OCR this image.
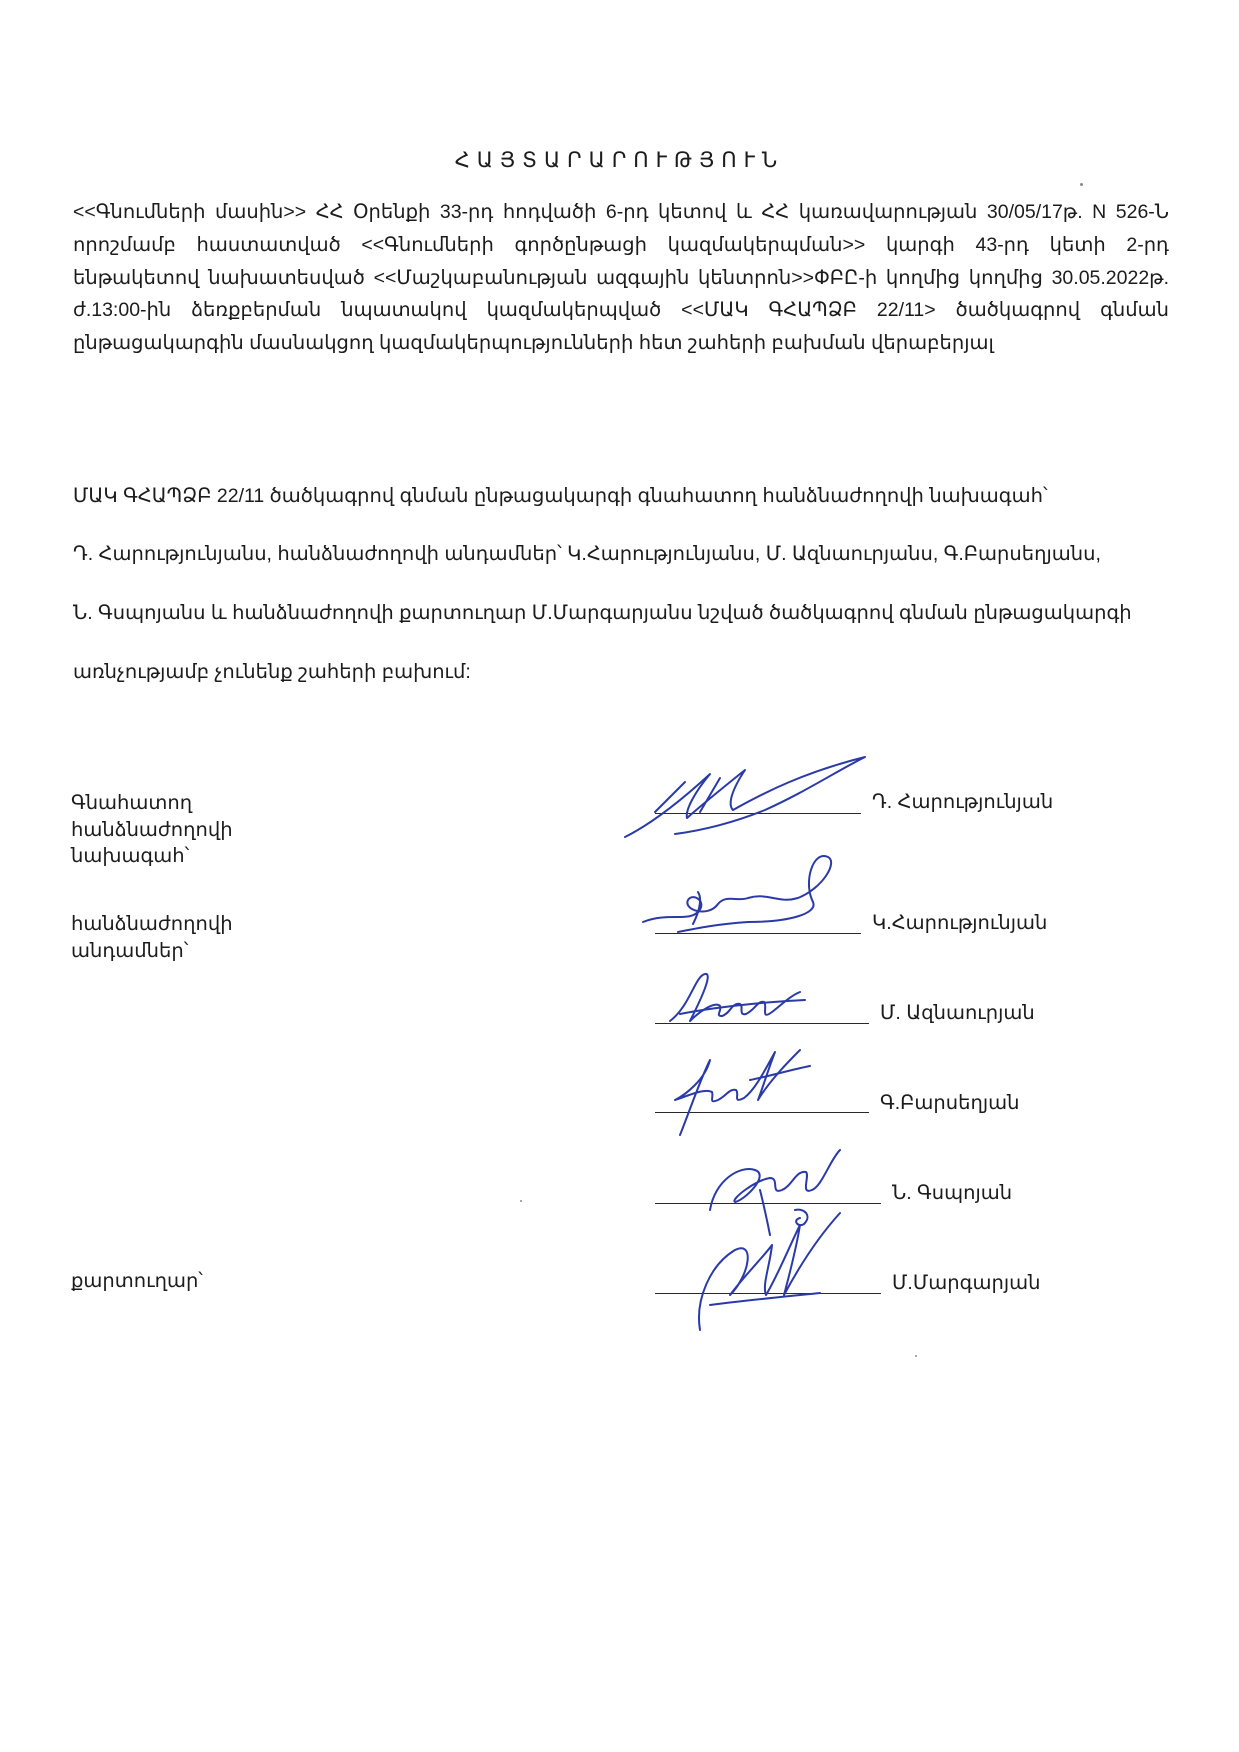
ՀԱՅՏԱՐԱՐՈՒԹՅՈՒՆ
<<Գնումների մասին>> ՀՀ Օրենքի 33-րդ հոդվածի 6-րդ կետով և ՀՀ կառավարության 30/05/17թ. N 526-Ն որոշմամբ հաստատված <<Գնումների գործընթացի կազմակերպման>> կարգի 43-րդ կետի 2-րդ ենթակետով նախատեսված <<Մաշկաբանության ազգային կենտրոն>>ՓԲԸ-ի կողմից կողմից 30.05.2022թ. ժ.13:00-ին ձեռքբերման նպատակով կազմակերպված <<ՄԱԿ ԳՀԱՊՁԲ 22/11> ծածկագրով գնման ընթացակարգին մասնակցող կազմակերպությունների հետ շահերի բախման վերաբերյալ
ՄԱԿ ԳՀԱՊՁԲ 22/11 ծածկագրով գնման ընթացակարգի գնահատող հանձնաժողովի նախագահ՝
Դ. Հարությունյանս, հանձնաժողովի անդամներ՝ Կ.Հարությունյանս, Մ. Ազնաուրյանս, Գ.Բարսեղյանս,
Ն. Գսպոյանս և հանձնաժողովի քարտուղար Մ.Մարգարյանս նշված ծածկագրով գնման ընթացակարգի
առնչությամբ չունենք շահերի բախում:
Գնահատող
հանձնաժողովի
նախագահ՝
հանձնաժողովի
անդամներ՝
քարտուղար՝
Դ. Հարությունյան
Կ.Հարությունյան
Մ. Ազնաուրյան
Գ.Բարսեղյան
Ն. Գսպոյան
Մ.Մարգարյան
